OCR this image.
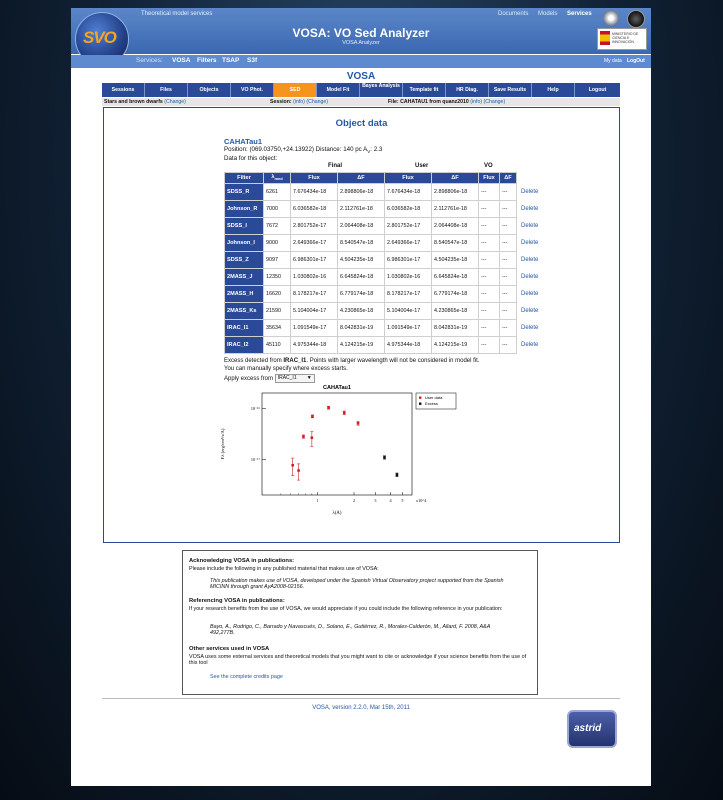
SVO
Theoretical model services
VOSA: VO Sed Analyzer
VOSA Analyzer
Documents Models Services
MINISTERIO DE CIENCIA E INNOVACIÓN
Services: VOSA Filters TSAP S3f	My data LogOut
VOSA
Sessions	Files	Objects	VO Phot.	SED	Model Fit
Bayes Analysis
Template fit	HR Diag.	Save Results	Help	Logout
Stars and brown dwarfs (Change)	Session: (info) (Change)	File: CAHATAU1 from quanz2010 (info) (Change)
Object data
CAHATau1
Position: (069.03750,+24.13922) Distance: 140 pc $A_V$: 2.3
Data for this object:
Final	User	VO
Filter	$\lambda_{med}$	Flux	ΔF	Flux	ΔF	Flux	ΔF	
SDSS_R	6261	7.676434e-18	2.898806e-18	7.676434e-18	2.898806e-18	---	---	Delete
Johnson_R	7000	6.036582e-18	2.112761e-18	6.036582e-18	2.112761e-18	---	---	Delete
SDSS_I	7672	2.801752e-17	2.064408e-18	2.801752e-17	2.064408e-18	---	---	Delete
Johnson_I	9000	2.649366e-17	8.540547e-18	2.649366e-17	8.540547e-18	---	---	Delete
SDSS_Z	9097	6.986301e-17	4.504235e-18	6.986301e-17	4.504235e-18	---	---	Delete
2MASS_J	12350	1.030802e-16	6.645824e-18	1.030802e-16	6.645824e-18	---	---	Delete
2MASS_H	16620	8.178217e-17	6.779174e-18	8.178217e-17	6.779174e-18	---	---	Delete
2MASS_Ks	21590	5.104004e-17	4.230865e-18	5.104004e-17	4.230865e-18	---	---	Delete
IRAC_I1	35634	1.091549e-17	8.042831e-19	1.091549e-17	8.042831e-19	---	---	Delete
IRAC_I2	45110	4.975344e-18	4.124215e-19	4.975344e-18	4.124215e-19	---	---	Delete
Excess detected from IRAC_I1. Points with larger wavelength will not be considered in model fit.
You can manually specify where excess starts.
Apply excess from IRAC_I1 ▼
CAHATau1
10⁻¹⁶
10⁻¹⁷
1	2	3	4 5	x10^4
λ(A)
Fλ (erg/cm²/s/A)
User data
Excess
Acknowledging VOSA in publications:
Please include the following in any published material that makes use of VOSA:
This publication makes use of VOSA, developed under the Spanish Virtual Observatory project supported from the Spanish MICINN through grant AyA2008-02156.
Referencing VOSA in publications:
If your research benefits from the use of VOSA, we would appreciate if you could include the following reference in your publication:
Bayo, A., Rodrigo, C., Barrado y Navascués, D., Solano, E., Gutiérrez, R., Morales-Calderón, M., Allard, F. 2008, A&A 492,277B.
Other services used in VOSA
VOSA uses some external services and theoretical models that you might want to cite or acknowledge if your science benefits from the use of this tool
See the complete credits page
VOSA, version 2.2.0, Mar 15th, 2011
astrid
